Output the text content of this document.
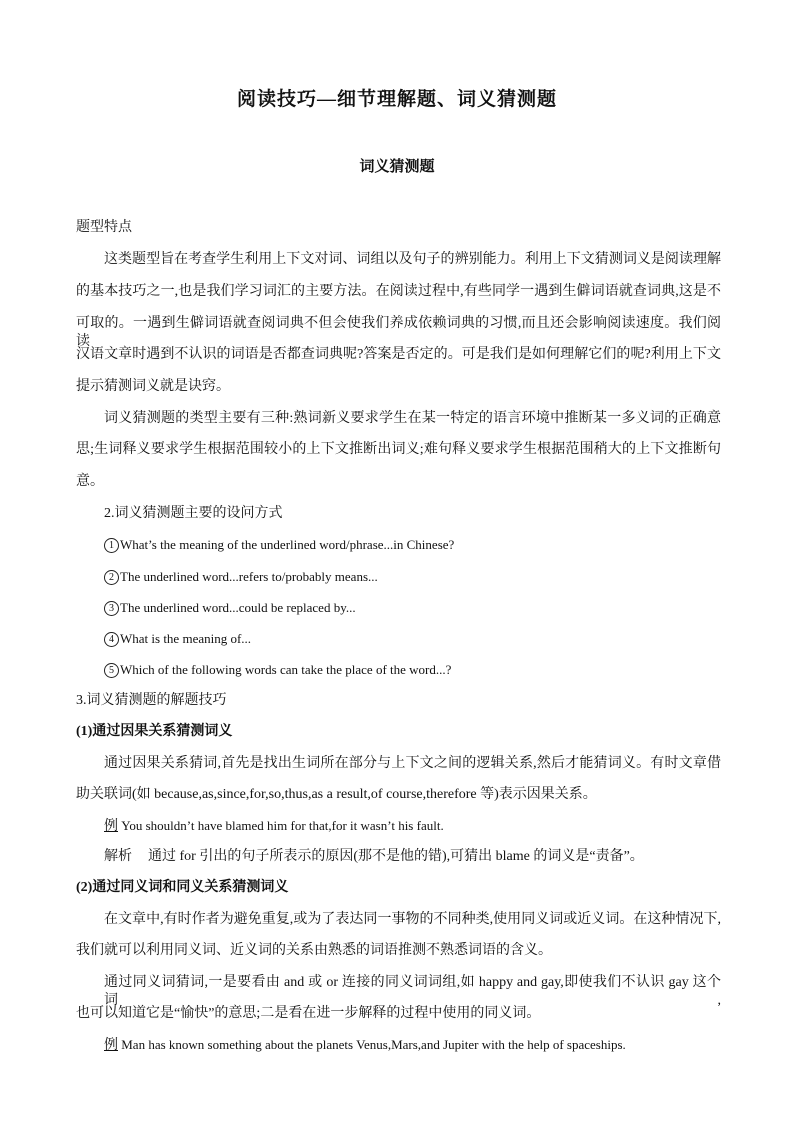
阅读技巧—细节理解题、词义猜测题
词义猜测题
题型特点
这类题型旨在考查学生利用上下文对词、词组以及句子的辨别能力。利用上下文猜测词义是阅读理解
的基本技巧之一,也是我们学习词汇的主要方法。在阅读过程中,有些同学一遇到生僻词语就查词典,这是不
可取的。一遇到生僻词语就查阅词典不但会使我们养成依赖词典的习惯,而且还会影响阅读速度。我们阅读
汉语文章时遇到不认识的词语是否都查词典呢?答案是否定的。可是我们是如何理解它们的呢?利用上下文
提示猜测词义就是诀窍。
词义猜测题的类型主要有三种:熟词新义要求学生在某一特定的语言环境中推断某一多义词的正确意
思;生词释义要求学生根据范围较小的上下文推断出词义;难句释义要求学生根据范围稍大的上下文推断句
意。
2.词义猜测题主要的设问方式
1 What’s the meaning of the underlined word/phrase...in Chinese?
2 The underlined word...refers to/probably means...
3 The underlined word...could be replaced by...
4 What is the meaning of...
5 Which of the following words can take the place of the word...?
3.词义猜测题的解题技巧
(1)通过因果关系猜测词义
通过因果关系猜词,首先是找出生词所在部分与上下文之间的逻辑关系,然后才能猜词义。有时文章借
助关联词(如 because,as,since,for,so,thus,as a result,of course,therefore 等)表示因果关系。
例 You shouldn’t have blamed him for that,for it wasn’t his fault.
解析 通过 for 引出的句子所表示的原因(那不是他的错),可猜出 blame 的词义是“责备”。
(2)通过同义词和同义关系猜测词义
在文章中,有时作者为避免重复,或为了表达同一事物的不同种类,使用同义词或近义词。在这种情况下,
我们就可以利用同义词、近义词的关系由熟悉的词语推测不熟悉词语的含义。
通过同义词猜词,一是要看由 and 或 or 连接的同义词词组,如 happy and gay,即使我们不认识 gay 这个词,
也可以知道它是“愉快”的意思;二是看在进一步解释的过程中使用的同义词。
例 Man has known something about the planets Venus,Mars,and Jupiter with the help of spaceships.
